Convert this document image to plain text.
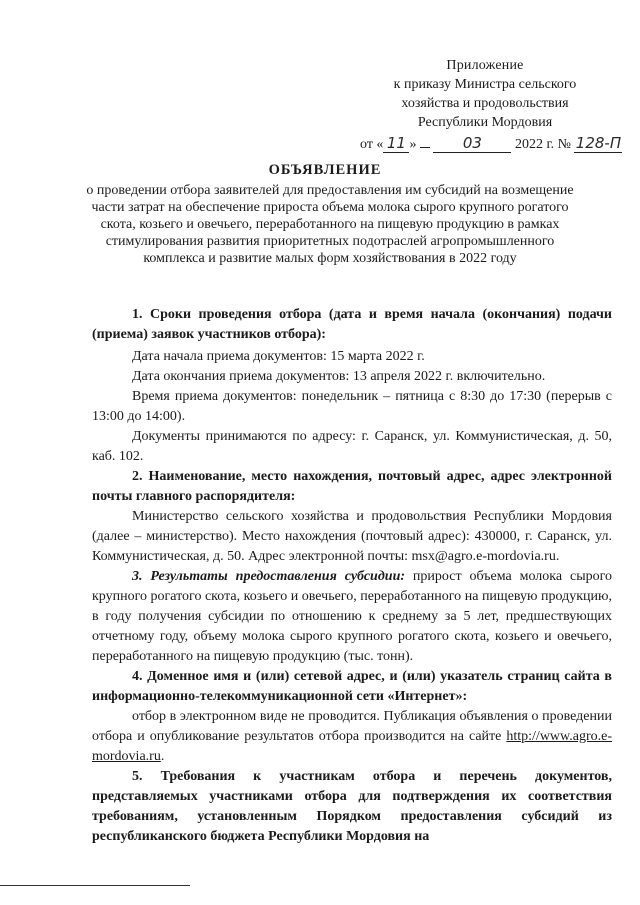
Приложение
к приказу Министра сельского
хозяйства и продовольствия
Республики Мордовия
от « 11 »	03 2022 г. № 128-П
ОБЪЯВЛЕНИЕ
о проведении отбора заявителей для предоставления им субсидий на возмещение части затрат на обеспечение прироста объема молока сырого крупного рогатого скота, козьего и овечьего, переработанного на пищевую продукцию в рамках стимулирования развития приоритетных подотраслей агропромышленного комплекса и развитие малых форм хозяйствования в 2022 году

1. Сроки проведения отбора (дата и время начала (окончания) подачи (приема) заявок участников отбора):

Дата начала приема документов: 15 марта 2022 г.

Дата окончания приема документов: 13 апреля 2022 г. включительно.

Время приема документов: понедельник – пятница с 8:30 до 17:30 (перерыв с 13:00 до 14:00).

Документы принимаются по адресу: г. Саранск, ул. Коммунистическая, д. 50, каб. 102.

2. Наименование, место нахождения, почтовый адрес, адрес электронной почты главного распорядителя:

Министерство сельского хозяйства и продовольствия Республики Мордовия (далее – министерство). Место нахождения (почтовый адрес): 430000, г. Саранск, ул. Коммунистическая, д. 50. Адрес электронной почты: msx@agro.e-mordovia.ru.

3. Результаты предоставления субсидии: прирост объема молока сырого крупного рогатого скота, козьего и овечьего, переработанного на пищевую продукцию, в году получения субсидии по отношению к среднему за 5 лет, предшествующих отчетному году, объему молока сырого крупного рогатого скота, козьего и овечьего, переработанного на пищевую продукцию (тыс. тонн).

4. Доменное имя и (или) сетевой адрес, и (или) указатель страниц сайта в информационно-телекоммуникационной сети «Интернет»:

отбор в электронном виде не проводится. Публикация объявления о проведении отбора и опубликование результатов отбора производится на сайте http://www.agro.e-mordovia.ru.

5. Требования к участникам отбора и перечень документов, представляемых участниками отбора для подтверждения их соответствия требованиям, установленным Порядком предоставления субсидий из республиканского бюджета Республики Мордовия на
